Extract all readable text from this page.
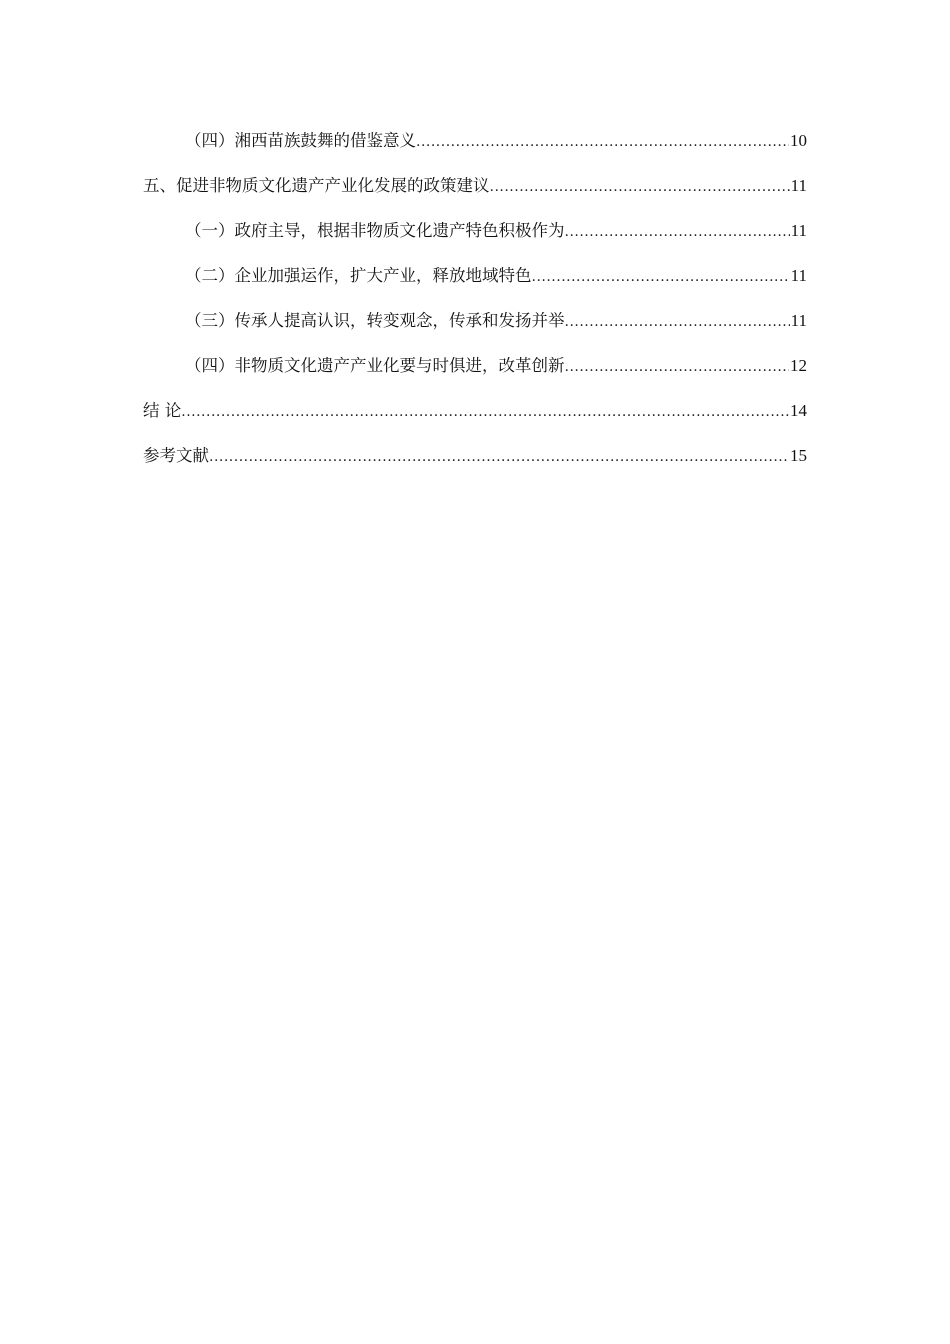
（四）湘西苗族鼓舞的借鉴意义 .....	10
五、促进非物质文化遗产产业化发展的政策建议 .....	11
（一）政府主导，根据非物质文化遗产特色积极作为 .....	11
（二）企业加强运作，扩大产业，释放地域特色 .....	11
（三）传承人提高认识，转变观念，传承和发扬并举 .....	11
（四）非物质文化遗产产业化要与时俱进，改革创新 .....	12
结 论 .....	14
参考文献 .....	15
